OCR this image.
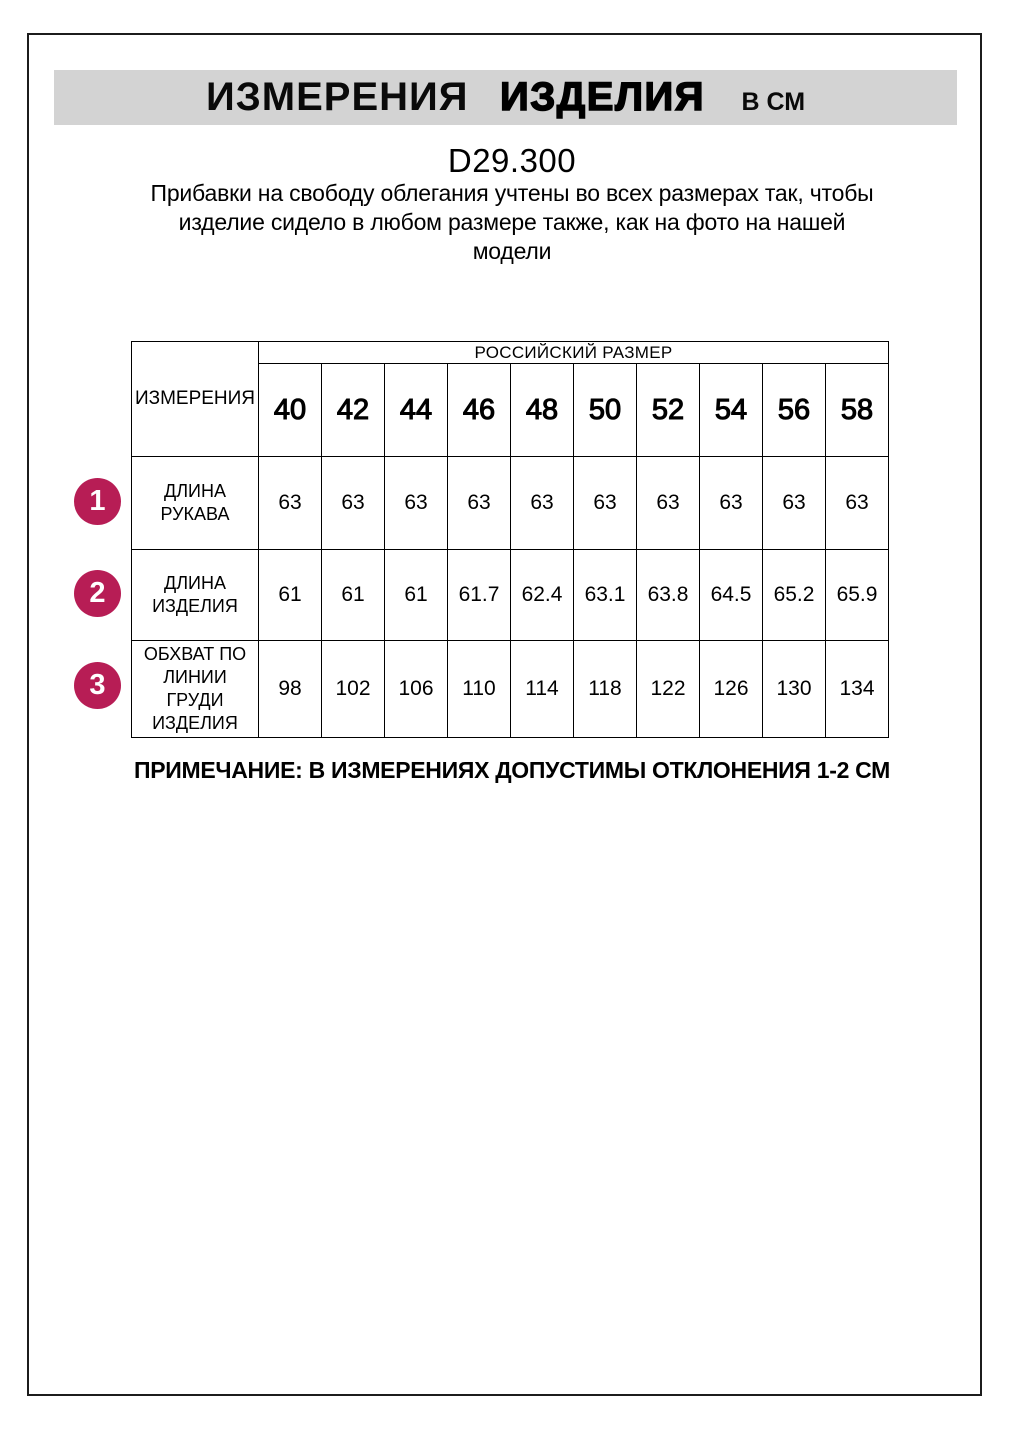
ИЗМЕРЕНИЯ ИЗДЕЛИЯ В СМ
D29.300
Прибавки на свободу облегания учтены во всех размерах так, чтобы
изделие сидело в любом размере также, как на фото на нашей
модели
1
2
3
ИЗМЕРЕНИЯ	РОССИЙСКИЙ РАЗМЕР									
	40	42	44	46	48	50	52	54	56	58
ДЛИНА
РУКАВА	63	63	63	63	63	63	63	63	63	63
ДЛИНА
ИЗДЕЛИЯ	61	61	61	61.7	62.4	63.1	63.8	64.5	65.2	65.9
ОБХВАТ ПО
ЛИНИИ
ГРУДИ
ИЗДЕЛИЯ	98	102	106	110	114	118	122	126	130	134
ПРИМЕЧАНИЕ: В ИЗМЕРЕНИЯХ ДОПУСТИМЫ ОТКЛОНЕНИЯ 1-2 СМ
